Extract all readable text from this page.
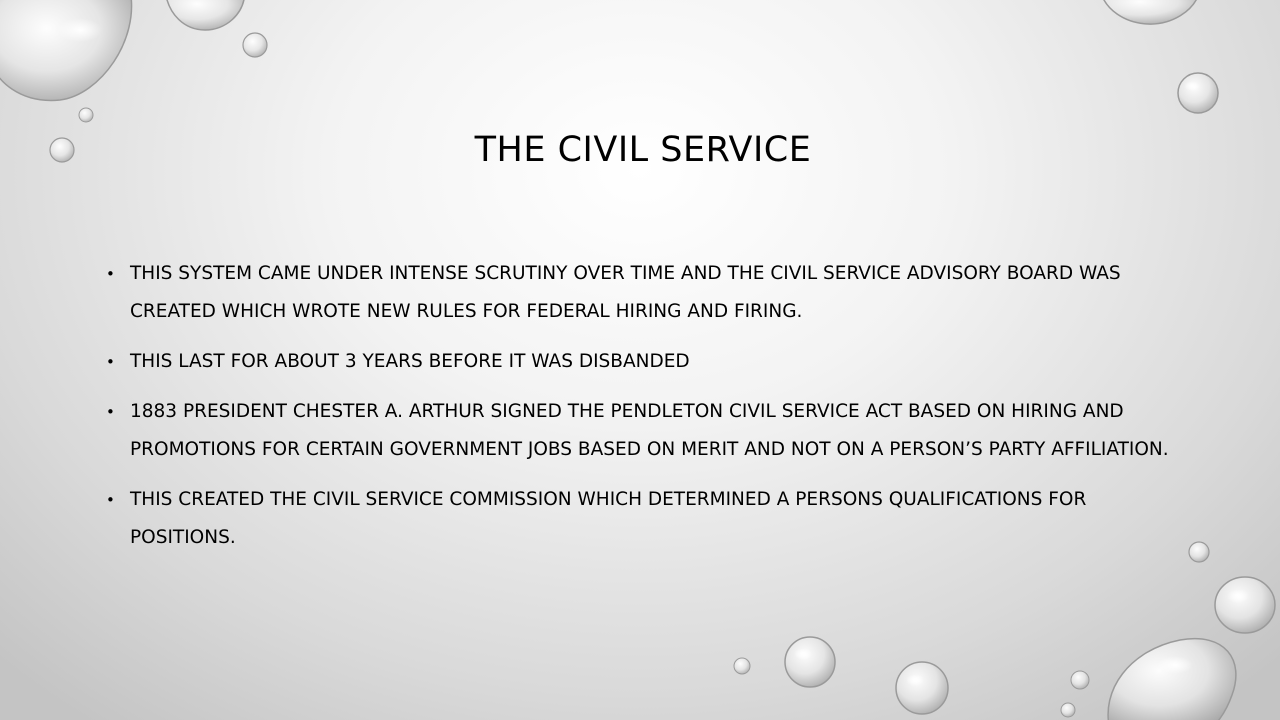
THE CIVIL SERVICE
• THIS SYSTEM CAME UNDER INTENSE SCRUTINY OVER TIME AND THE CIVIL SERVICE ADVISORY BOARD WAS CREATED WHICH WROTE NEW RULES FOR FEDERAL HIRING AND FIRING.
• THIS LAST FOR ABOUT 3 YEARS BEFORE IT WAS DISBANDED
• 1883 PRESIDENT CHESTER A. ARTHUR SIGNED THE PENDLETON CIVIL SERVICE ACT BASED ON HIRING AND PROMOTIONS FOR CERTAIN GOVERNMENT JOBS BASED ON MERIT AND NOT ON A PERSON’S PARTY AFFILIATION.
• THIS CREATED THE CIVIL SERVICE COMMISSION WHICH DETERMINED A PERSONS QUALIFICATIONS FOR POSITIONS.
